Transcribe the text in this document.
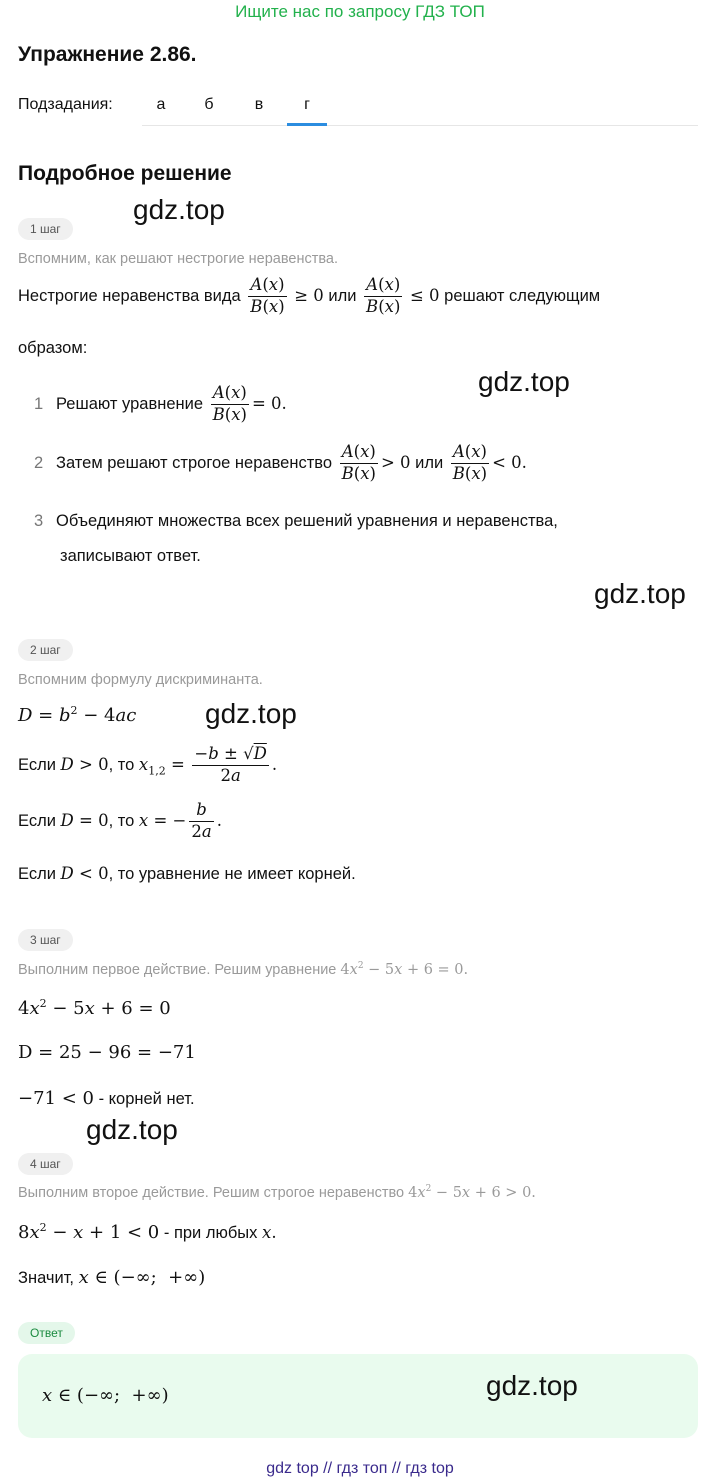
Ищите нас по запросу ГДЗ ТОП
Упражнение 2.86.
Подзадания:	а	б	в	г
Подробное решение
1 шаг
gdz.top
Вспомним, как решают нестрогие неравенства.
Нестрогие неравенства вида $\frac{A(x)}{B(x)} \ge 0$ или $\frac{A(x)}{B(x)} \le 0$ решают следующим
образом:
gdz.top
1 Решают уравнение $\frac{A(x)}{B(x)} = 0$.
2 Затем решают строгое неравенство $\frac{A(x)}{B(x)} > 0$ или $\frac{A(x)}{B(x)} < 0$.
3 Объединяют множества всех решений уравнения и неравенства,
записывают ответ.
gdz.top
2 шаг
Вспомним формулу дискриминанта.
$D = b^2 - 4ac$ gdz.top
Если D > 0, то $x_{1,2} = \frac{-b \pm √D}{2a}$ .
Если D = 0, то x = − $\frac{b}{2a}$ .
Если D < 0, то уравнение не имеет корней.
3 шаг
Выполним первое действие. Решим уравнение $4x^2 - 5x + 6 = 0$.
$4x^2 - 5x + 6 = 0$
D = 25 − 96 = −71
−71 < 0 - корней нет.
gdz.top
4 шаг
Выполним второе действие. Решим строгое неравенство $4x^2 - 5x + 6 > 0$.
$8x^2 - x + 1 < 0$ - при любых x.
Значит, x ∈ (−∞;  +∞)
Ответ
x ∈ (−∞;  +∞)	gdz.top
gdz top // гдз топ // гдз top
